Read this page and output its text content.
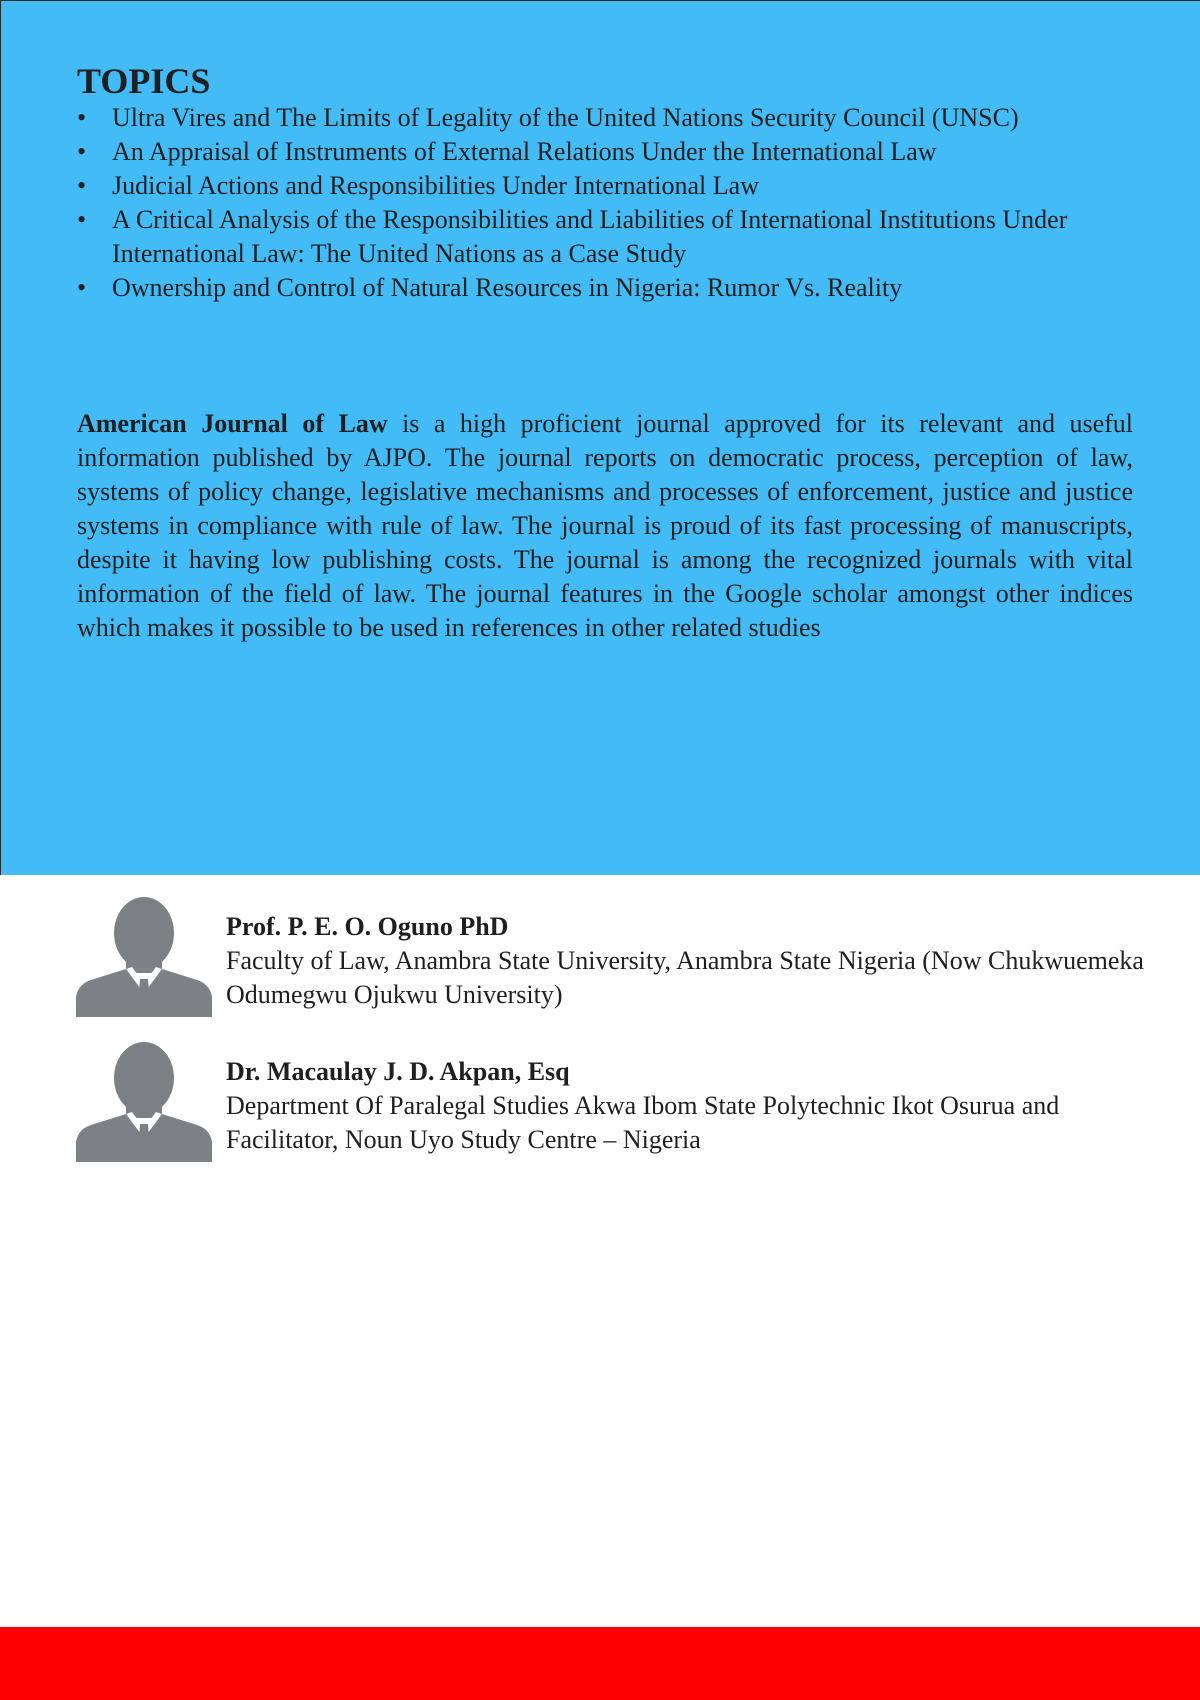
TOPICS
• Ultra Vires and The Limits of Legality of the United Nations Security Council (UNSC)
• An Appraisal of Instruments of External Relations Under the International Law
• Judicial Actions and Responsibilities Under International Law
• A Critical Analysis of the Responsibilities and Liabilities of International Institutions Under International Law: The United Nations as a Case Study
• Ownership and Control of Natural Resources in Nigeria: Rumor Vs. Reality

American Journal of Law is a high proficient journal approved for its relevant and useful information published by AJPO. The journal reports on democratic process, perception of law, systems of policy change, legislative mechanisms and processes of enforcement, justice and justice systems in compliance with rule of law. The journal is proud of its fast processing of manuscripts, despite it having low publishing costs. The journal is among the recognized journals with vital information of the field of law. The journal features in the Google scholar amongst other indices which makes it possible to be used in references in other related studies

Prof. P. E. O. Oguno PhD

Faculty of Law, Anambra State University, Anambra State Nigeria (Now Chukwuemeka Odumegwu Ojukwu University)

Dr. Macaulay J. D. Akpan, Esq

Department Of Paralegal Studies Akwa Ibom State Polytechnic Ikot Osurua and Facilitator, Noun Uyo Study Centre – Nigeria
